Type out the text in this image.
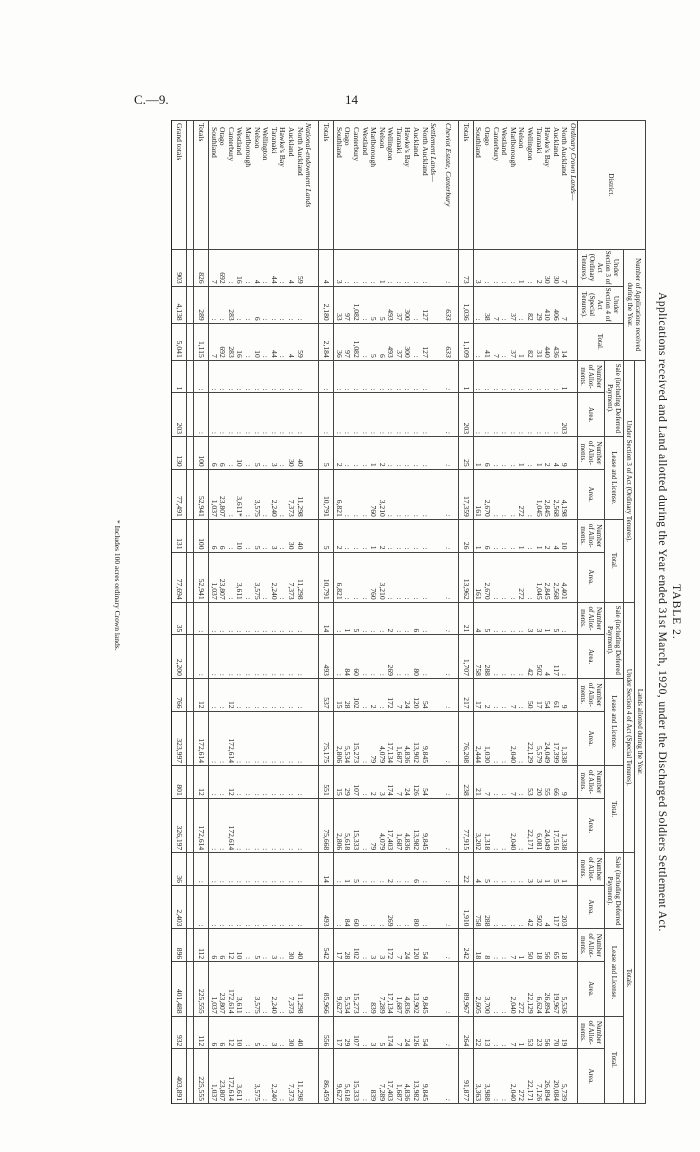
C.—9.	14
TABLE 2.
Applications received and Land allotted during the Year ended 31st March, 1920, under the Discharged Soldiers Settlement Act.
District.	Number of Applications received during the Year.			Lands allotted during the Year.																	
				Under Section 3 of Act (Ordinary Tenures).						Under Section 4 of Act (Special Tenures).						Totals.					
	Under Section 3 of Act (Ordinary Tenures).	Under Section 4 of Act (Special Tenures).	Total.	Sale (including Deferred Payment).		Lease and License.		Total.		Sale (including Deferred Payment).		Lease and License.		Total.		Sale (including Deferred Payment).		Lease and License.		Total.	
				Number of Allot-ments.	Area.	Number of Allot-ments.	Area.	Number of Allot-ments.	Area.	Number of Allot-ments.	Area.	Number of Allot-ments.	Area.	Number of Allot-ments.	Area.	Number of Allot-ments.	Area.	Number of Allot-ments.	Area.	Number of Allot-ments.	Area.
Ordinary Crown Lands—																					
North Auckland	7	7	14	1	203	9	4,198	10	4,401	:	:	9	1,338	9	1,338	1	203	18	5,536	19	5,739
Auckland	30	406	436	:	:	4	2,568	4	2,568	5	117	61	17,399	66	17,516	5	117	65	19,967	70	20,084
Hawke's Bay	30	410	440	:	:	2	2,845	2	2,845	1	4	54	24,049	55	24,049	1	4	56	26,894	56	26,894
Taranaki	2	29	31	:	:	1	1,045	1	1,045	3	502	17	5,579	20	6,081	3	502	18	6,624	23	7,126
Wellington	:	82	82	:	:	:	:	:	:	3	42	50	22,129	53	22,171	3	42	50	22,129	53	22,171
Nelson	1	:	1	:	:	1	272	1	272	:	:	:	:	:	:	:	:	1	272	1	272
Marlborough	:	37	37	:	:	:	:	:	:	:	:	7	2,040	7	2,040	:	:	7	2,040	7	2,040
Westland	:	:	:	:	:	:	:	:	:	:	:	:	:	:	:	:	:	:	:	:	:
Canterbury	:	7	7	:	:	:	:	:	:	:	:	:	:	:	:	:	:	:	:	:	:
Otago	:	38	41	:	:	6	2,670	6	2,670	5	288	2	1,030	7	1,318	5	288	8	3,700	13	3,988
Southland	3	:	:	:	:	1	161	1	161	4	758	17	2,444	21	3,202	4	758	18	2,605	22	3,363
Totals	73	1,036	1,109	1	203	25	17,359	26	13,962	21	1,707	217	76,208	238	77,915	22	1,910	242	89,967	264	91,877

Cheviot Estate, Canterbury	:	633	633	:	:	:	:	:	:	:	:	:	:	:	:	:	:	:	:	:	:

Settlement Lands—																					
North Auckland	:	127	127	:	:	:	:	:	:	:	:	54	9,845	54	9,845	:	:	54	9,845	54	9,845
Auckland	:	:	:	:	:	:	:	:	:	6	80	120	13,902	126	13,982	6	80	120	13,902	126	13,982
Hawke's Bay	:	300	300	:	:	:	:	:	:	:	:	24	4,836	24	4,836	:	:	24	4,836	24	4,836
Taranaki	:	37	37	:	:	:	:	:	:	:	:	7	1,687	7	1,687	:	:	7	1,687	7	1,687
Wellington	:	493	493	:	:	:	:	:	:	2	269	172	17,134	174	17,403	2	269	172	17,134	174	17,403
Nelson	1	5	6	:	:	2	3,210	2	3,210	:	:	:	4,079	3	4,079	:	:	3	7,289	5	7,289
Marlborough	:	5	5	:	:	1	760	1	760	:	:	2	79	2	79	:	:	3	839	3	839
Westland	:	:	:	:	:	:	:	:	:	:	:	:	:	:	:	:	:	:	:	:	:
Canterbury	:	1,082	1,082	:	:	:	:	:	:	5	60	102	15,273	107	15,333	5	60	102	15,273	107	15,333
Otago	:	97	97	:	:	:	:	:	:	1	84	28	5,534	29	5,618	1	84	28	5,534	29	5,618
Southland	3	33	36	:	:	2	6,821	2	6,821	:	:	15	2,806	15	2,806	:	:	17	9,627	17	9,627
Totals	4	2,180	2,184	:	:	5	10,791	5	10,791	14	493	537	75,175	551	75,668	14	493	542	85,966	556	86,459

National-endowment Lands																					
North Auckland	59	:	59	:	:	40	11,298	40	11,298	:	:	:	:	:	:	:	:	40	11,298	40	11,298
Auckland	4	:	4	:	:	30	7,373	30	7,373	:	:	:	:	:	:	:	:	30	7,373	30	7,373
Hawke's Bay	:	:	:	:	:	:	:	:	:	:	:	:	:	:	:	:	:	:	:	:	:
Taranaki	44	:	44	:	:	3	2,240	3	2,240	:	:	:	:	:	:	:	:	3	2,240	3	2,240
Wellington	:	:	:	:	:	:	:	:	:	:	:	:	:	:	:	:	:	:	:	:	:
Nelson	4	6	10	:	:	5	3,575	5	3,575	:	:	:	:	:	:	:	:	5	3,575	5	3,575
Marlborough	:	:	:	:	:	:	:	:	:	:	:	:	:	:	:	:	:	:	:	:	:
Westland	16	:	16	:	:	10	3,611*	10	3,611	:	:	:	:	:	:	:	:	10	3,611	10	3,611
Canterbury	:	283	283	:	:	:	:	:	:	:	:	12	172,614	12	172,614	:	:	12	172,614	12	172,614
Otago	692	:	692	:	:	6	23,807	6	23,807	:	:	:	:	:	:	:	:	6	23,807	6	23,807
Southland	7	:	7	:	:	6	1,037	6	1,037	:	:	:	:	:	:	:	:	6	1,037	6	1,037
Totals	826	289	1,115	:	:	100	52,941	100	52,941	:	:	12	172,614	12	172,614	:	:	112	225,555	112	225,555

Grand totals	903	4,138	5,041	1	203	130	77,491	131	77,694	35	2,200	766	323,997	801	326,197	36	2,403	896	401,488	932	403,891
* Includes 100 acres ordinary Crown lands.
